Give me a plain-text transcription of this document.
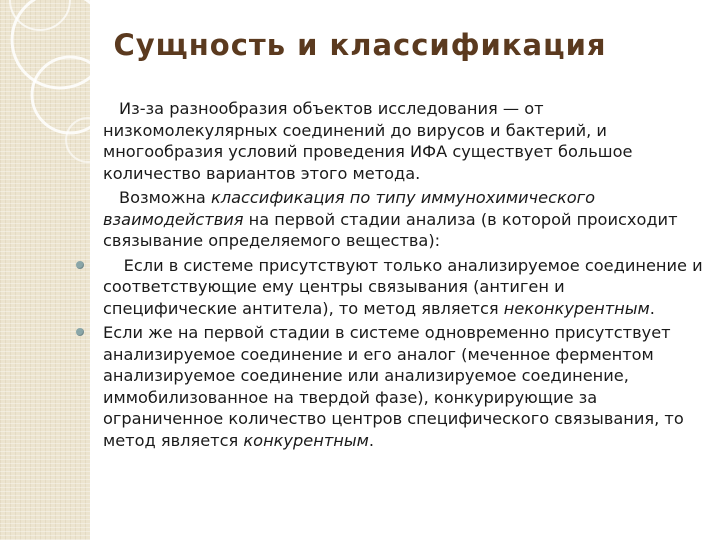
Сущность и классификация

Из-за разнообразия объектов исследования — от низкомолекулярных соединений до вирусов и бактерий, и многообразия условий проведения ИФА существует большое количество вариантов этого метода.

Возможна классификация по типу иммунохимического взаимодействия на первой стадии анализа (в которой происходит связывание определяемого вещества):

Если в системе присутствуют только анализируемое соединение и соответствующие ему центры связывания (антиген и специфические антитела), то метод является неконкурентным.
Если же на первой стадии в системе одновременно присутствует анализируемое соединение и его аналог (меченное ферментом анализируемое соединение или анализируемое соединение, иммобилизованное на твердой фазе), конкурирующие за ограниченное количество центров специфического связывания, то метод является конкурентным.
